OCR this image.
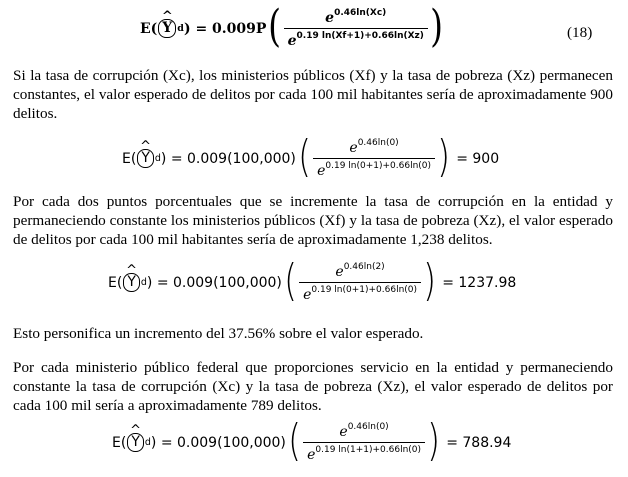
E(
^
Y d ) = 0.009P ( $\frac{e^{0.46ln(Xc)}}{e^{0.19 ln(Xf+1)+0.66ln(Xz)}}$ )	(18)

Si la tasa de corrupción (Xc), los ministerios públicos (Xf) y la tasa de pobreza (Xz) permanecen constantes, el valor esperado de delitos por cada 100 mil habitantes sería de aproximadamente 900 delitos.

E(
^
Y d ) = 0.009(100,000) ( $\frac{e^{0.46ln(0)}}{e^{0.19 ln(0+1)+0.66ln(0)}}$ ) = 900

Por cada dos puntos porcentuales que se incremente la tasa de corrupción en la entidad y permaneciendo constante los ministerios públicos (Xf) y la tasa de pobreza (Xz), el valor esperado de delitos por cada 100 mil habitantes sería de aproximadamente 1,238 delitos.

E(
^
Y d ) = 0.009(100,000) ( $\frac{e^{0.46ln(2)}}{e^{0.19 ln(0+1)+0.66ln(0)}}$ ) = 1237.98

Esto personifica un incremento del 37.56% sobre el valor esperado.

Por cada ministerio público federal que proporciones servicio en la entidad y permaneciendo constante la tasa de corrupción (Xc) y la tasa de pobreza (Xz), el valor esperado de delitos por cada 100 mil sería a aproximadamente 789 delitos.

E(
^
Y d ) = 0.009(100,000) ( $\frac{e^{0.46ln(0)}}{e^{0.19 ln(1+1)+0.66ln(0)}}$ ) = 788.94
